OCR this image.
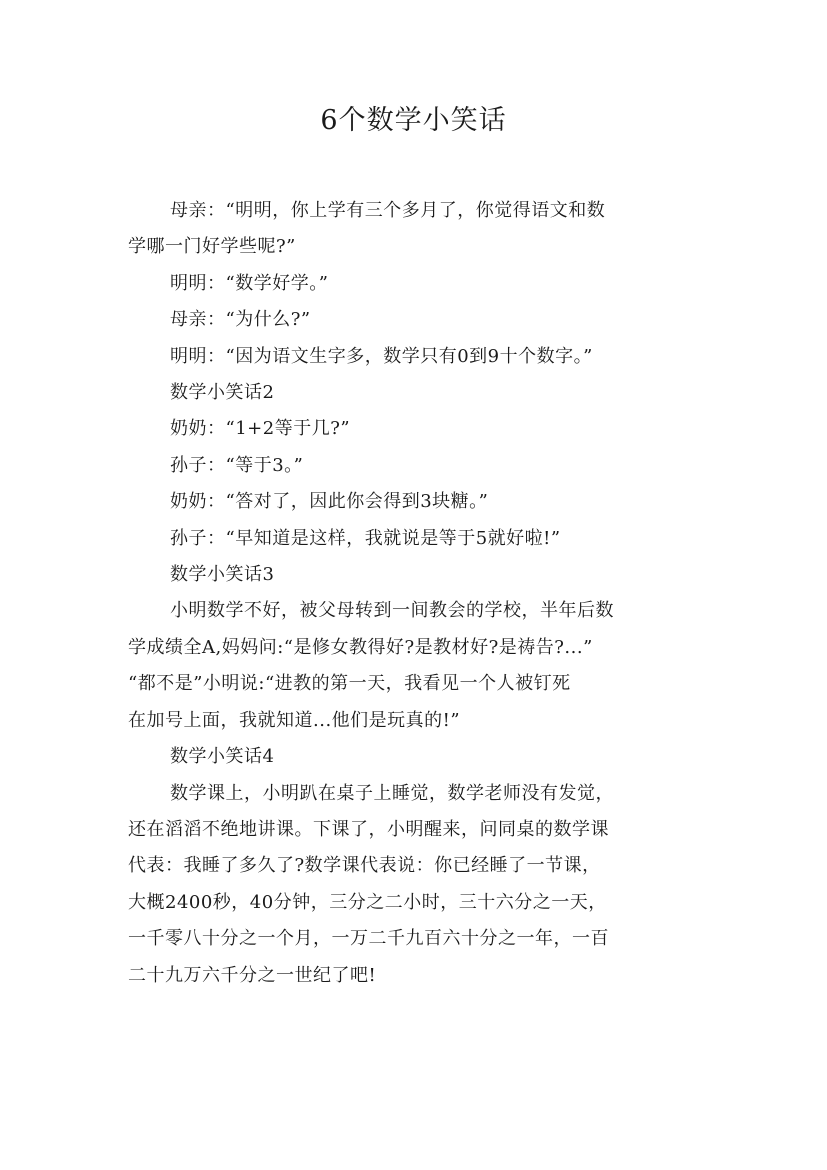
6个数学小笑话
母亲：“明明，你上学有三个多月了，你觉得语文和数
学哪一门好学些呢?”

明明：“数学好学。”

母亲：“为什么?”

明明：“因为语文生字多，数学只有0到9十个数字。”

数学小笑话2

奶奶：“1+2等于几?”

孙子：“等于3。”

奶奶：“答对了，因此你会得到3块糖。”

孙子：“早知道是这样，我就说是等于5就好啦!”

数学小笑话3

小明数学不好，被父母转到一间教会的学校，半年后数
学成绩全A,妈妈问:“是修女教得好?是教材好?是祷告?...”
“都不是”小明说:“进教的第一天，我看见一个人被钉死
在加号上面，我就知道...他们是玩真的!”

数学小笑话4

数学课上，小明趴在桌子上睡觉，数学老师没有发觉，
还在滔滔不绝地讲课。下课了，小明醒来，问同桌的数学课
代表：我睡了多久了?数学课代表说：你已经睡了一节课，
大概2400秒，40分钟，三分之二小时，三十六分之一天，
一千零八十分之一个月，一万二千九百六十分之一年，一百
二十九万六千分之一世纪了吧!
